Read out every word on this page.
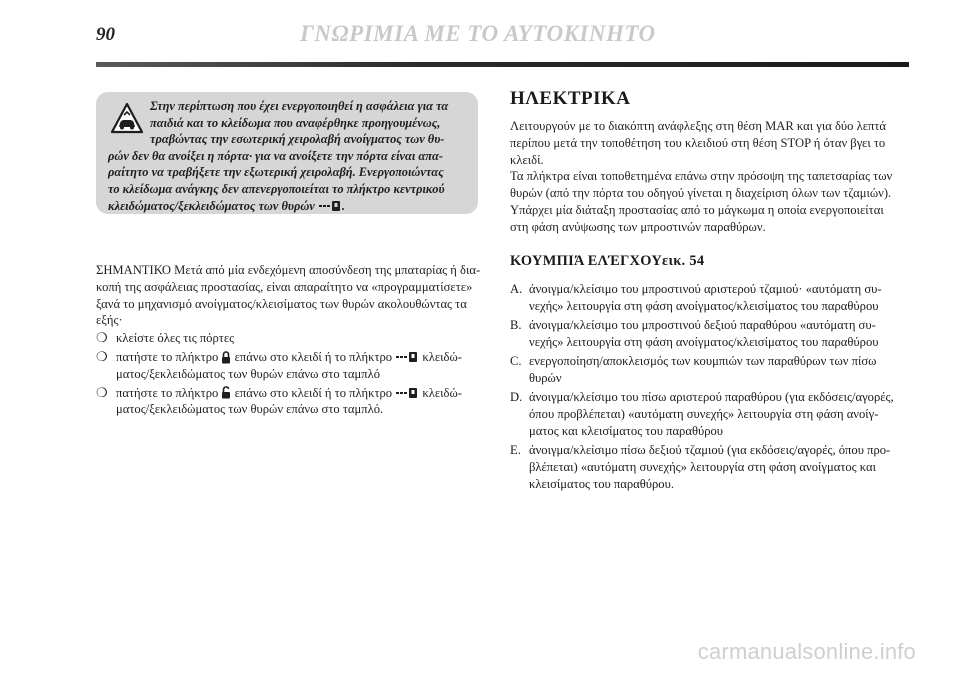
90	ΓΝΩΡΙΜΙΑ ΜΕ ΤΟ ΑΥΤΟΚΙΝΗΤΟ
Στην περίπτωση που έχει ενεργοποιηθεί η ασφάλεια για τα
παιδιά και το κλείδωμα που αναφέρθηκε προηγουμένως,
τραβώντας την εσωτερική χειρολαβή ανοίγματος των θυ-
ρών δεν θα ανοίξει η πόρτα· για να ανοίξετε την πόρτα είναι απα-
ραίτητο να τραβήξετε την εξωτερική χειρολαβή. Ενεργοποιώντας
το κλείδωμα ανάγκης δεν απενεργοποιείται το πλήκτρο κεντρικού
κλειδώματος/ξεκλειδώματος των θυρών .
ΣΗΜΑΝΤΙΚΟ Μετά από μία ενδεχόμενη αποσύνδεση της μπαταρίας ή δια-
κοπή της ασφάλειας προστασίας, είναι απαραίτητο να «προγραμματίσετε»
ξανά το μηχανισμό ανοίγματος/κλεισίματος των θυρών ακολουθώντας τα
εξής·
❍ κλείστε όλες τις πόρτες
❍ πατήστε το πλήκτρο επάνω στο κλειδί ή το πλήκτρο κλειδώ-
ματος/ξεκλειδώματος των θυρών επάνω στο ταμπλό
❍ πατήστε το πλήκτρο επάνω στο κλειδί ή το πλήκτρο κλειδώ-
ματος/ξεκλειδώματος των θυρών επάνω στο ταμπλό.
ΗΛΕΚΤΡΙΚΑ
Λειτουργούν με το διακόπτη ανάφλεξης στη θέση MAR και για δύο λεπτά
περίπου μετά την τοποθέτηση του κλειδιού στη θέση STOP ή όταν βγει το
κλειδί.
Τα πλήκτρα είναι τοποθετημένα επάνω στην πρόσοψη της ταπετσαρίας των
θυρών (από την πόρτα του οδηγού γίνεται η διαχείριση όλων των τζαμιών).
Υπάρχει μία διάταξη προστασίας από το μάγκωμα η οποία ενεργοποιείται
στη φάση ανύψωσης των μπροστινών παραθύρων.
ΚΟΥΜΠΙΆ ΕΛΈΓΧΟΥεικ. 54
A. άνοιγμα/κλείσιμο του μπροστινού αριστερού τζαμιού· «αυτόματη συ-
νεχής» λειτουργία στη φάση ανοίγματος/κλεισίματος του παραθύρου
B. άνοιγμα/κλείσιμο του μπροστινού δεξιού παραθύρου «αυτόματη συ-
νεχής» λειτουργία στη φάση ανοίγματος/κλεισίματος του παραθύρου
C. ενεργοποίηση/αποκλεισμός των κουμπιών των παραθύρων των πίσω
θυρών
D. άνοιγμα/κλείσιμο του πίσω αριστερού παραθύρου (για εκδόσεις/αγορές,
όπου προβλέπεται) «αυτόματη συνεχής» λειτουργία στη φάση ανοίγ-
ματος και κλεισίματος του παραθύρου
E. άνοιγμα/κλείσιμο πίσω δεξιού τζαμιού (για εκδόσεις/αγορές, όπου προ-
βλέπεται) «αυτόματη συνεχής» λειτουργία στη φάση ανοίγματος και
κλεισίματος του παραθύρου.
carmanualsonline.info
